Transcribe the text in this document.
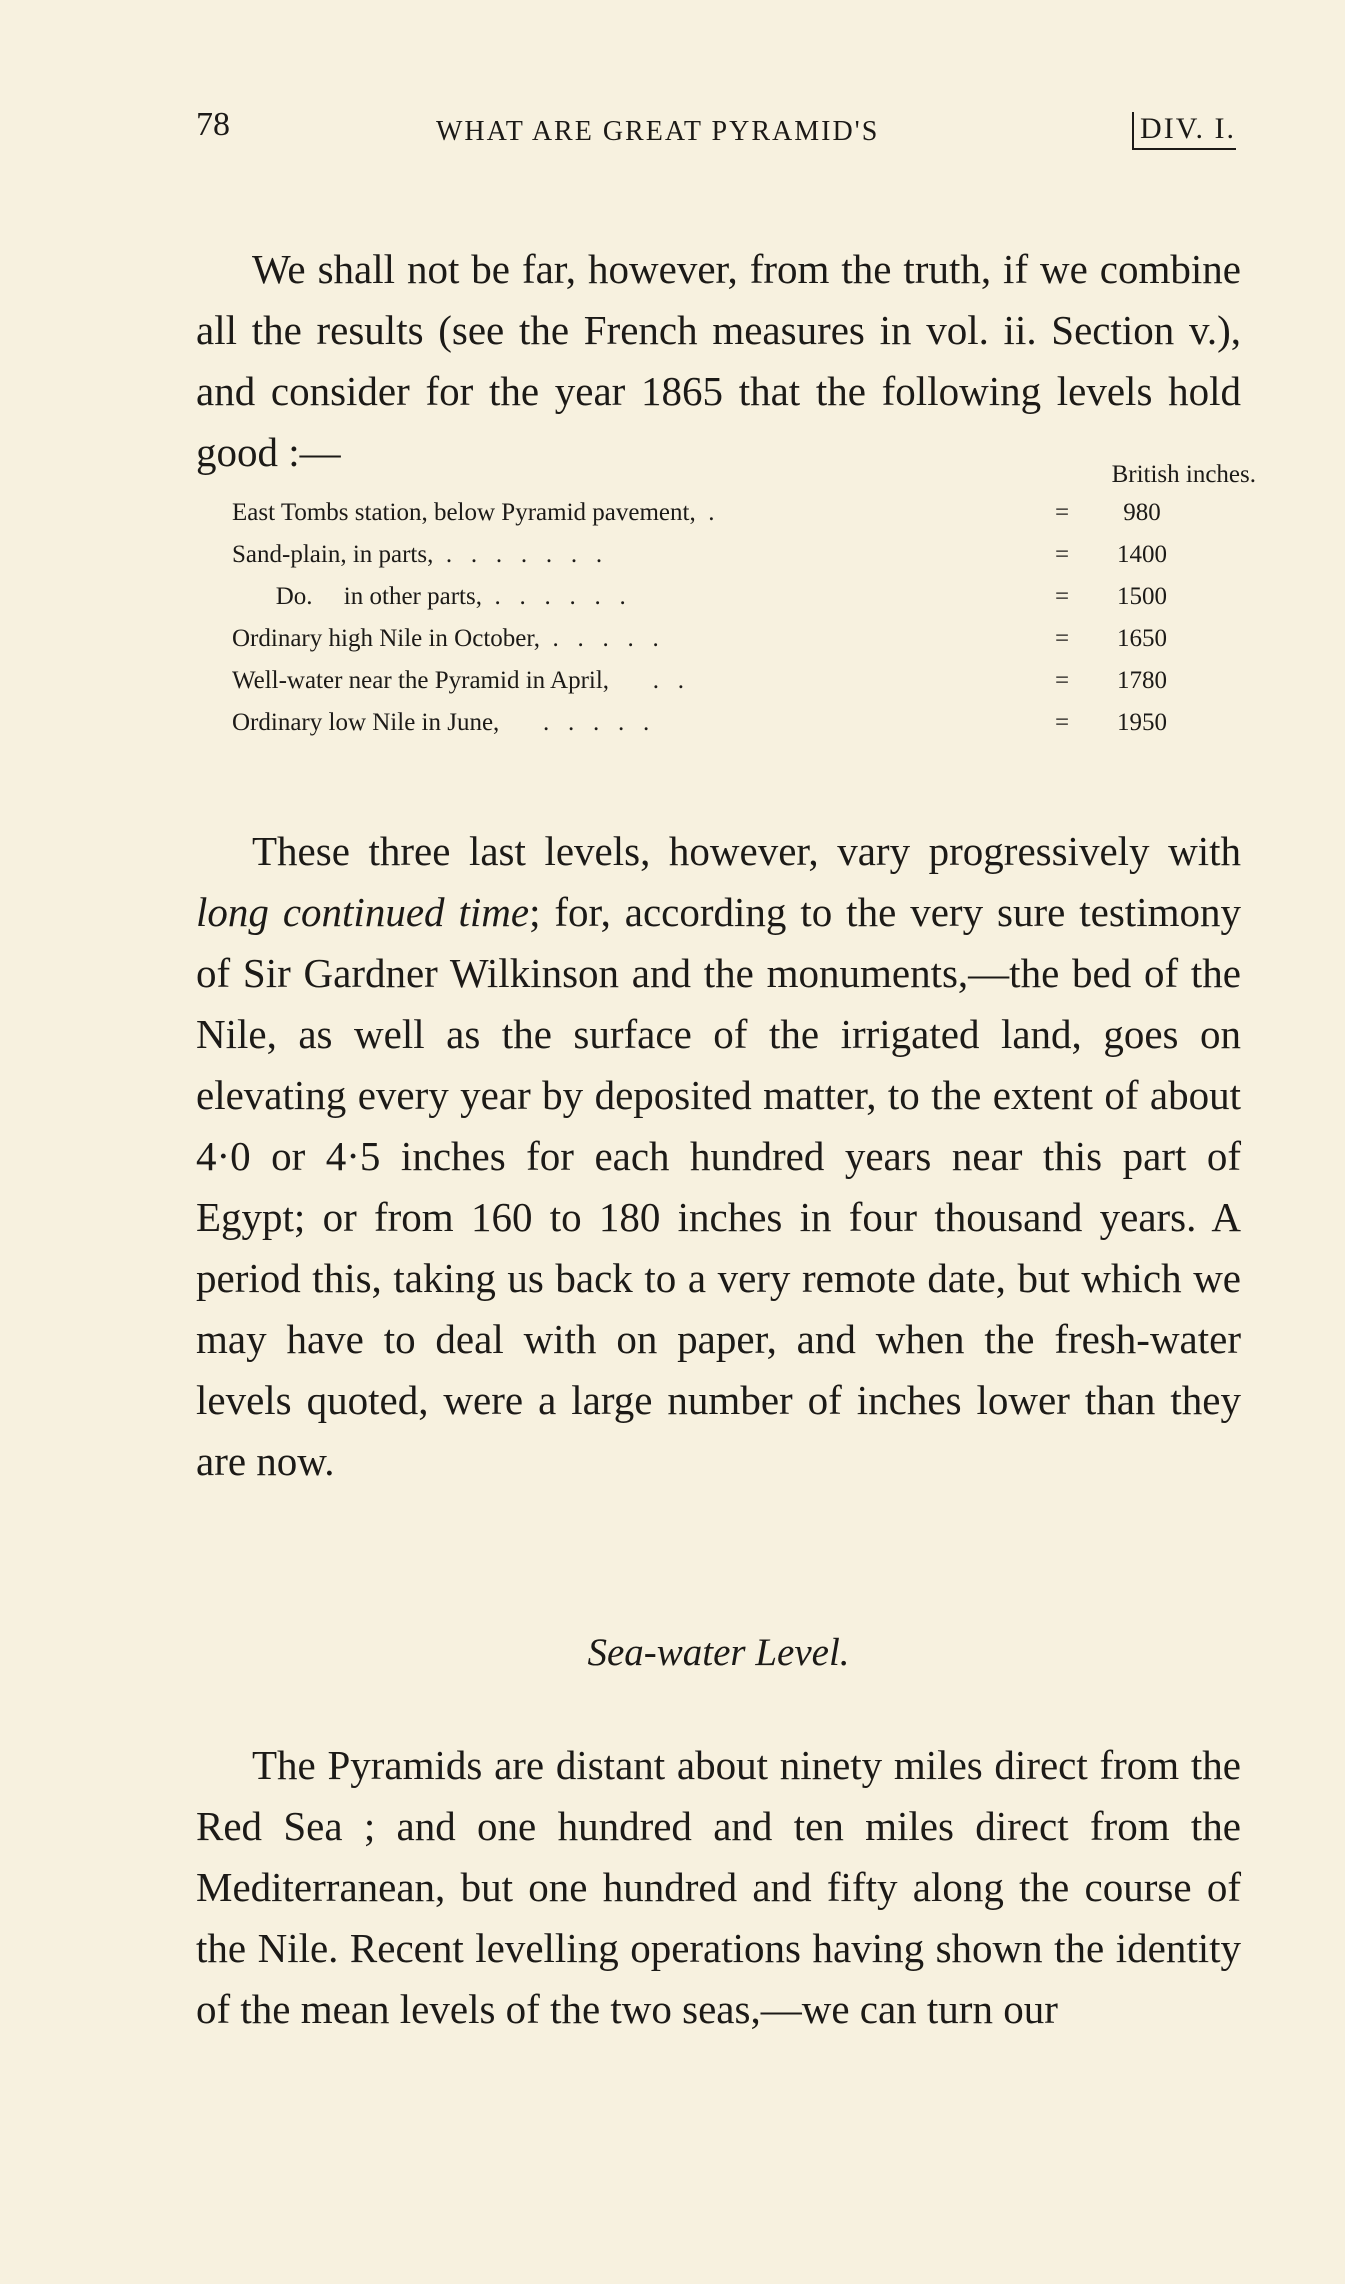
78	WHAT ARE GREAT PYRAMID'S	DIV. I.

We shall not be far, however, from the truth, if we combine all the results (see the French measures in vol. ii. Section v.), and consider for the year 1865 that the following levels hold good :—	British inches.
East Tombs station, below Pyramid pavement,  .	=	980
Sand-plain, in parts,  .   .   .   .   .   .   .	=	1400
Do.     in other parts,  .   .   .   .   .   .	=	1500
Ordinary high Nile in October,  .   .   .   .   .	=	1650
Well-water near the Pyramid in April,       .   .	=	1780
Ordinary low Nile in June,       .   .   .   .   .	=	1950

These three last levels, however, vary progressively with long continued time; for, according to the very sure testimony of Sir Gardner Wilkinson and the monuments,—the bed of the Nile, as well as the surface of the irrigated land, goes on elevating every year by deposited matter, to the extent of about 4·0 or 4·5 inches for each hundred years near this part of Egypt; or from 160 to 180 inches in four thousand years. A period this, taking us back to a very remote date, but which we may have to deal with on paper, and when the fresh-water levels quoted, were a large number of inches lower than they are now.

Sea-water Level.

The Pyramids are distant about ninety miles direct from the Red Sea ; and one hundred and ten miles direct from the Mediterranean, but one hundred and fifty along the course of the Nile. Recent levelling operations having shown the identity of the mean levels of the two seas,—we can turn our
